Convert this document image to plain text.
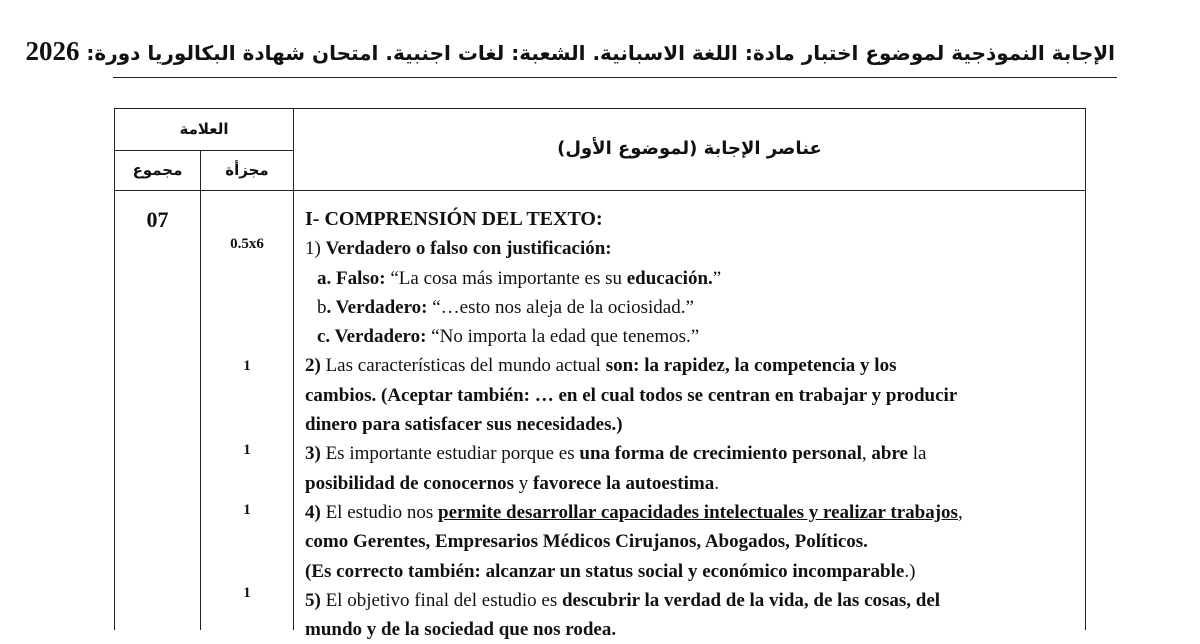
الإجابة النموذجية لموضوع اختبار مادة: اللغة الاسبانية. الشعبة: لغات اجنبية. امتحان شهادة البكالوريا دورة: 2026
العلامة
مجزأة
مجموع
عناصر الإجابة (لموضوع الأول)
07
0.5x6
1
1
1
1
I- COMPRENSIÓN DEL TEXTO:
1) Verdadero o falso con justificación:
a. Falso: “La cosa más importante es su educación.”
b. Verdadero: “…esto nos aleja de la ociosidad.”
c. Verdadero: “No importa la edad que tenemos.”
2) Las características del mundo actual son: la rapidez, la competencia y los
cambios. (Aceptar también: … en el cual todos se centran en trabajar y producir
dinero para satisfacer sus necesidades.)
3) Es importante estudiar porque es una forma de crecimiento personal, abre la
posibilidad de conocernos y favorece la autoestima.
4) El estudio nos permite desarrollar capacidades intelectuales y realizar trabajos,
como Gerentes, Empresarios Médicos Cirujanos, Abogados, Políticos.
(Es correcto también: alcanzar un status social y económico incomparable.)
5) El objetivo final del estudio es descubrir la verdad de la vida, de las cosas, del
mundo y de la sociedad que nos rodea.
